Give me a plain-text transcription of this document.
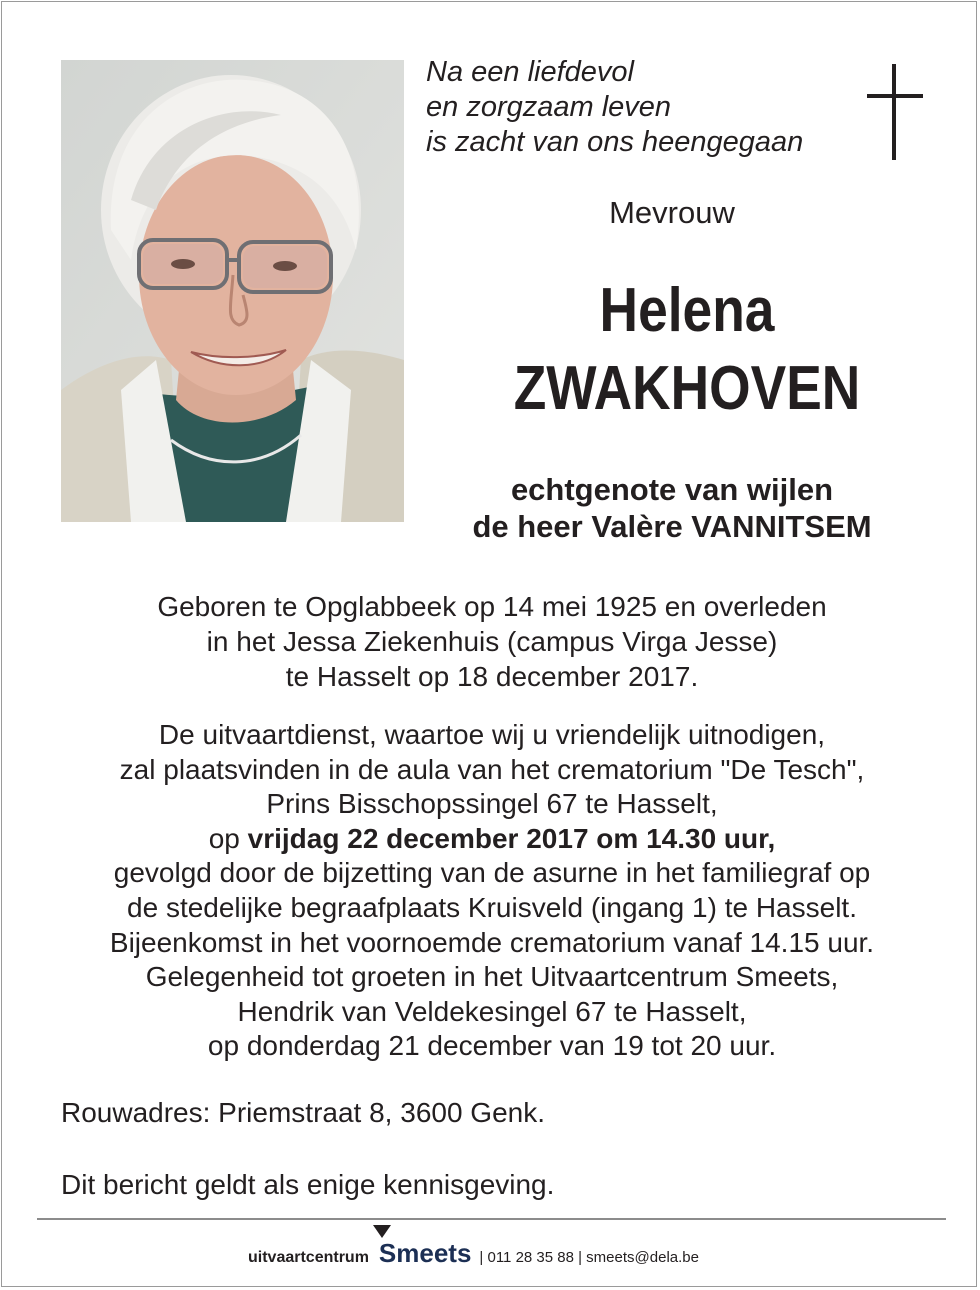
Na een liefdevol
en zorgzaam leven
is zacht van ons heengegaan
Mevrouw
Helena
ZWAKHOVEN
echtgenote van wijlen
de heer Valère VANNITSEM
Geboren te Opglabbeek op 14 mei 1925 en overleden
in het Jessa Ziekenhuis (campus Virga Jesse)
te Hasselt op 18 december 2017.
De uitvaartdienst, waartoe wij u vriendelijk uitnodigen,
zal plaatsvinden in de aula van het crematorium "De Tesch",
Prins Bisschopssingel 67 te Hasselt,
op vrijdag 22 december 2017 om 14.30 uur,
gevolgd door de bijzetting van de asurne in het familiegraf op
de stedelijke begraafplaats Kruisveld (ingang 1) te Hasselt.
Bijeenkomst in het voornoemde crematorium vanaf 14.15 uur.
Gelegenheid tot groeten in het Uitvaartcentrum Smeets,
Hendrik van Veldekesingel 67 te Hasselt,
op donderdag 21 december van 19 tot 20 uur.
Rouwadres: Priemstraat 8, 3600 Genk.
Dit bericht geldt als enige kennisgeving.
uitvaartcentrum Smeets | 011 28 35 88 | smeets@dela.be
